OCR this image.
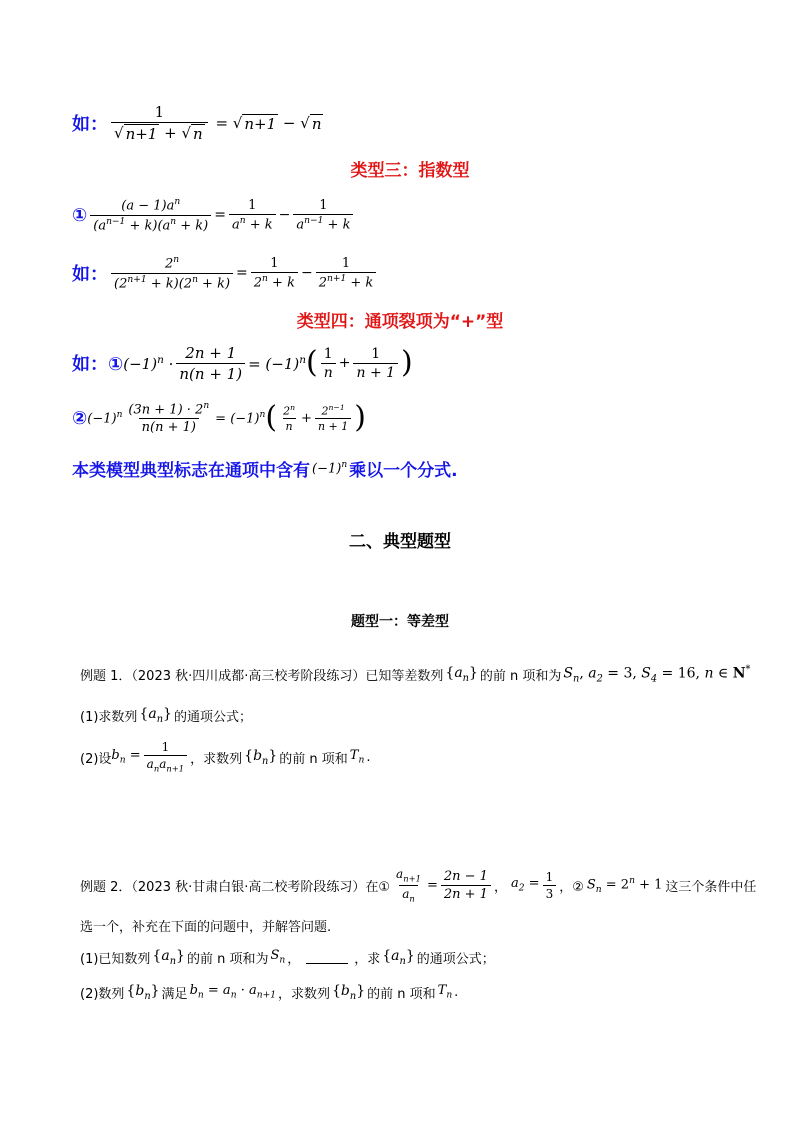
如： $\frac{1}{√ n+1 + √ n}$ = √ n+1 − √ n
类型三：指数型
① $\frac{(a - 1)a^n}{(a^{n-1} + k)(a^n + k)} = \frac{1}{a^n + k} - \frac{1}{a^{n-1} + k}$
如： $\frac{2^n}{(2^{n+1} + k)(2^n + k)} = \frac{1}{2^n + k} - \frac{1}{2^{n+1} + k}$
类型四：通项裂项为“+”型
如：① $(-1)^n \cdot \frac{2n + 1}{n(n + 1)} = (-1)^n$ ( $\frac{1}{n} + \frac{1}{n + 1}$ )
② $(-1)^n \frac{(3n + 1) \cdot 2^n}{n(n + 1)} = (-1)^n$ ( $\frac{2^n}{n} + \frac{2^{n-1}}{n + 1}$ )
本类模型典型标志在通项中含有 $(-1)^n$ 乘以一个分式.
二、典型题型
题型一：等差型
例题 1．（2023 秋·四川成都·高三校考阶段练习）已知等差数列 $\{a_n\}$ 的前 n 项和为 $S_n$, $a_2 = 3$, $S_4 = 16$, n ∈ N*
(1)求数列 $\{a_n\}$ 的通项公式；
(2)设 $b_n = \frac{1}{a_na_{n+1}}$ ，求数列 $\{b_n\}$ 的前 n 项和 $T_n$ .
例题 2．（2023 秋·甘肃白银·高二校考阶段练习）在① $\frac{a_{n+1}}{a_n} = \frac{2n - 1}{2n + 1}$ ， $a_2 = \frac{1}{3}$ ，② $S_n = 2^n + 1$ 这三个条件中任
选一个，补充在下面的问题中，并解答问题.
(1)已知数列 $\{a_n\}$ 的前 n 项和为 $S_n$ ，	，求 $\{a_n\}$ 的通项公式；
(2)数列 $\{b_n\}$ 满足 $b_n = a_n \cdot a_{n+1}$ ，求数列 $\{b_n\}$ 的前 n 项和 $T_n$ .
